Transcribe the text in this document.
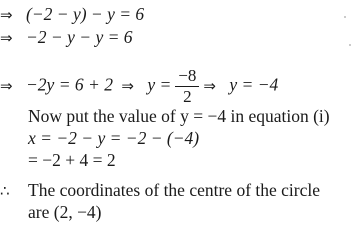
⇒ (−2 − y) − y = 6
⇒ −2 − y − y = 6
⇒ −2y = 6 + 2 ⇒ $y = \frac{-8}{2}$ ⇒ y = −4
Now put the value of y = −4 in equation (i)
x = −2 − y = −2 − (−4)
= −2 + 4 = 2
∴ The coordinates of the centre of the circle
are (2, −4)
